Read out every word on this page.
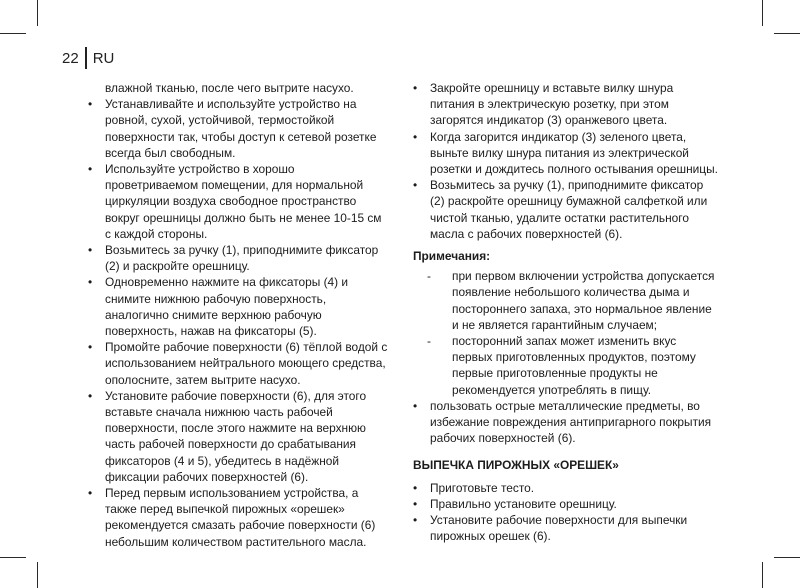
22 RU
влажной тканью, после чего вытрите насухо.
• Устанавливайте и используйте устройство на ровной, сухой, устойчивой, термостойкой поверхности так, чтобы доступ к сетевой розетке всегда был свободным.
• Используйте устройство в хорошо проветриваемом помещении, для нормальной циркуляции воздуха свободное пространство вокруг орешницы должно быть не менее 10-15 см с каждой стороны.
• Возьмитесь за ручку (1), приподнимите фиксатор (2) и раскройте орешницу.
• Одновременно нажмите на фиксаторы (4) и снимите нижнюю рабочую поверхность, аналогично снимите верхнюю рабочую поверхность, нажав на фиксаторы (5).
• Промойте рабочие поверхности (6) тёплой водой с использованием нейтрального моющего средства, ополосните, затем вытрите насухо.
• Установите рабочие поверхности (6), для этого вставьте сначала нижнюю часть рабочей поверхности, после этого нажмите на верхнюю часть рабочей поверхности до срабатывания фиксаторов (4 и 5), убедитесь в надёжной фиксации рабочих поверхностей (6).
• Перед первым использованием устройства, а также перед выпечкой пирожных «орешек» рекомендуется смазать рабочие поверхности (6) небольшим количеством растительного масла.
• Закройте орешницу и вставьте вилку шнура питания в электрическую розетку, при этом загорятся индикатор (3) оранжевого цвета.
• Когда загорится индикатор (3) зеленого цвета, выньте вилку шнура питания из электрической розетки и дождитесь полного остывания орешницы.
• Возьмитесь за ручку (1), приподнимите фиксатор (2) раскройте орешницу бумажной салфеткой или чистой тканью, удалите остатки растительного масла с рабочих поверхностей (6).
Примечания:
- при первом включении устройства допускается появление небольшого количества дыма и постороннего запаха, это нормальное явление и не является гарантийным случаем;
- посторонний запах может изменить вкус первых приготовленных продуктов, поэтому первые приготовленные продукты не рекомендуется употреблять в пищу.
• пользовать острые металлические предметы, во избежание повреждения антипригарного покрытия рабочих поверхностей (6).
ВЫПЕЧКА ПИРОЖНЫХ «ОРЕШЕК»
• Приготовьте тесто.
• Правильно установите орешницу.
• Установите рабочие поверхности для выпечки пирожных орешек (6).
